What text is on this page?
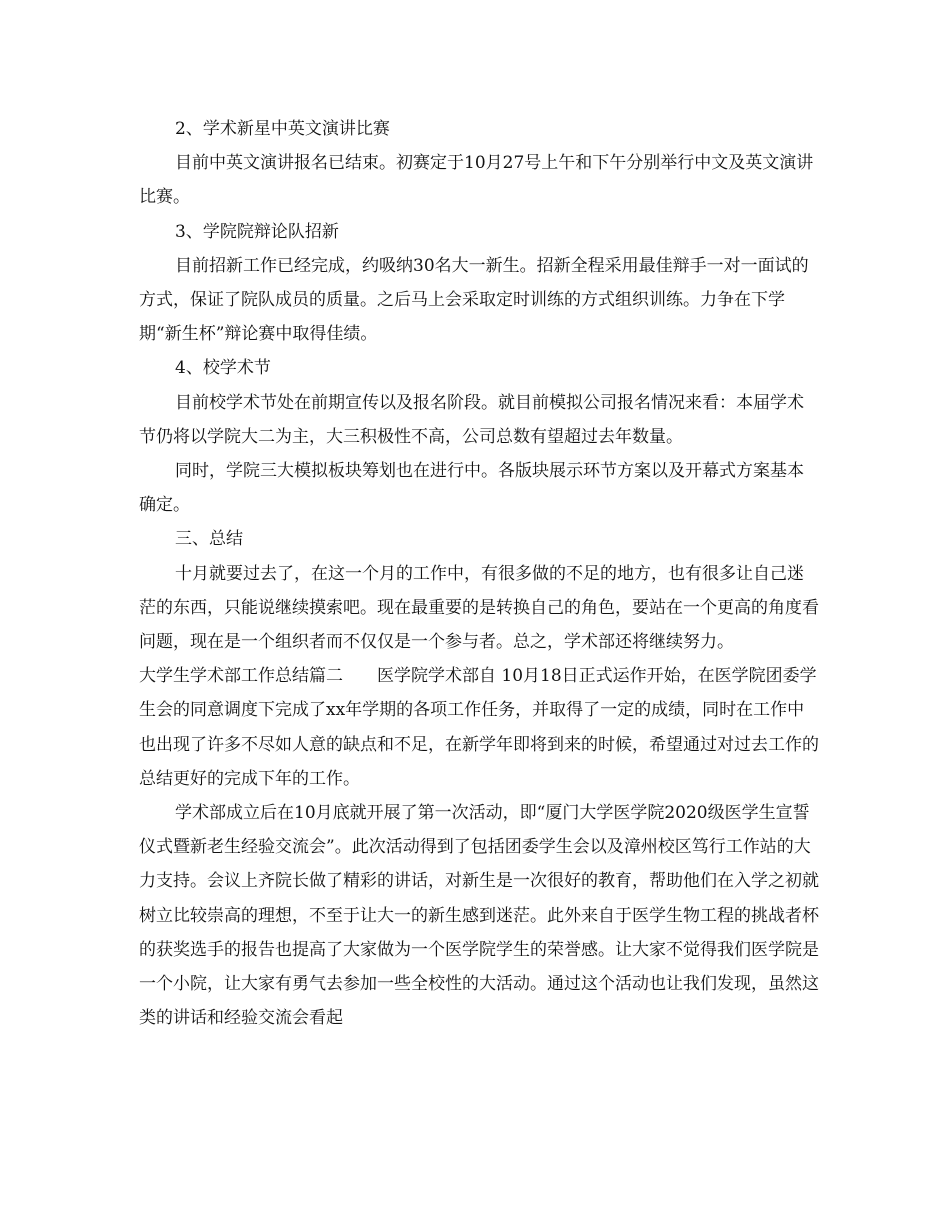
2、学术新星中英文演讲比赛

目前中英文演讲报名已结束。初赛定于10月27号上午和下午分别举行中文及英文演讲比赛。

3、学院院辩论队招新

目前招新工作已经完成，约吸纳30名大一新生。招新全程采用最佳辩手一对一面试的方式，保证了院队成员的质量。之后马上会采取定时训练的方式组织训练。力争在下学期“新生杯”辩论赛中取得佳绩。

4、校学术节

目前校学术节处在前期宣传以及报名阶段。就目前模拟公司报名情况来看：本届学术节仍将以学院大二为主，大三积极性不高，公司总数有望超过去年数量。

同时，学院三大模拟板块筹划也在进行中。各版块展示环节方案以及开幕式方案基本确定。

三、总结

十月就要过去了，在这一个月的工作中，有很多做的不足的地方，也有很多让自己迷茫的东西，只能说继续摸索吧。现在最重要的是转换自己的角色，要站在一个更高的角度看问题，现在是一个组织者而不仅仅是一个参与者。总之，学术部还将继续努力。

大学生学术部工作总结篇二　　医学院学术部自 10月18日正式运作开始，在医学院团委学生会的同意调度下完成了xx年学期的各项工作任务，并取得了一定的成绩，同时在工作中也出现了许多不尽如人意的缺点和不足，在新学年即将到来的时候，希望通过对过去工作的总结更好的完成下年的工作。

学术部成立后在10月底就开展了第一次活动，即“厦门大学医学院2020级医学生宣誓仪式暨新老生经验交流会”。此次活动得到了包括团委学生会以及漳州校区笃行工作站的大力支持。会议上齐院长做了精彩的讲话，对新生是一次很好的教育，帮助他们在入学之初就树立比较崇高的理想，不至于让大一的新生感到迷茫。此外来自于医学生物工程的挑战者杯的获奖选手的报告也提高了大家做为一个医学院学生的荣誉感。让大家不觉得我们医学院是一个小院，让大家有勇气去参加一些全校性的大活动。通过这个活动也让我们发现，虽然这类的讲话和经验交流会看起
